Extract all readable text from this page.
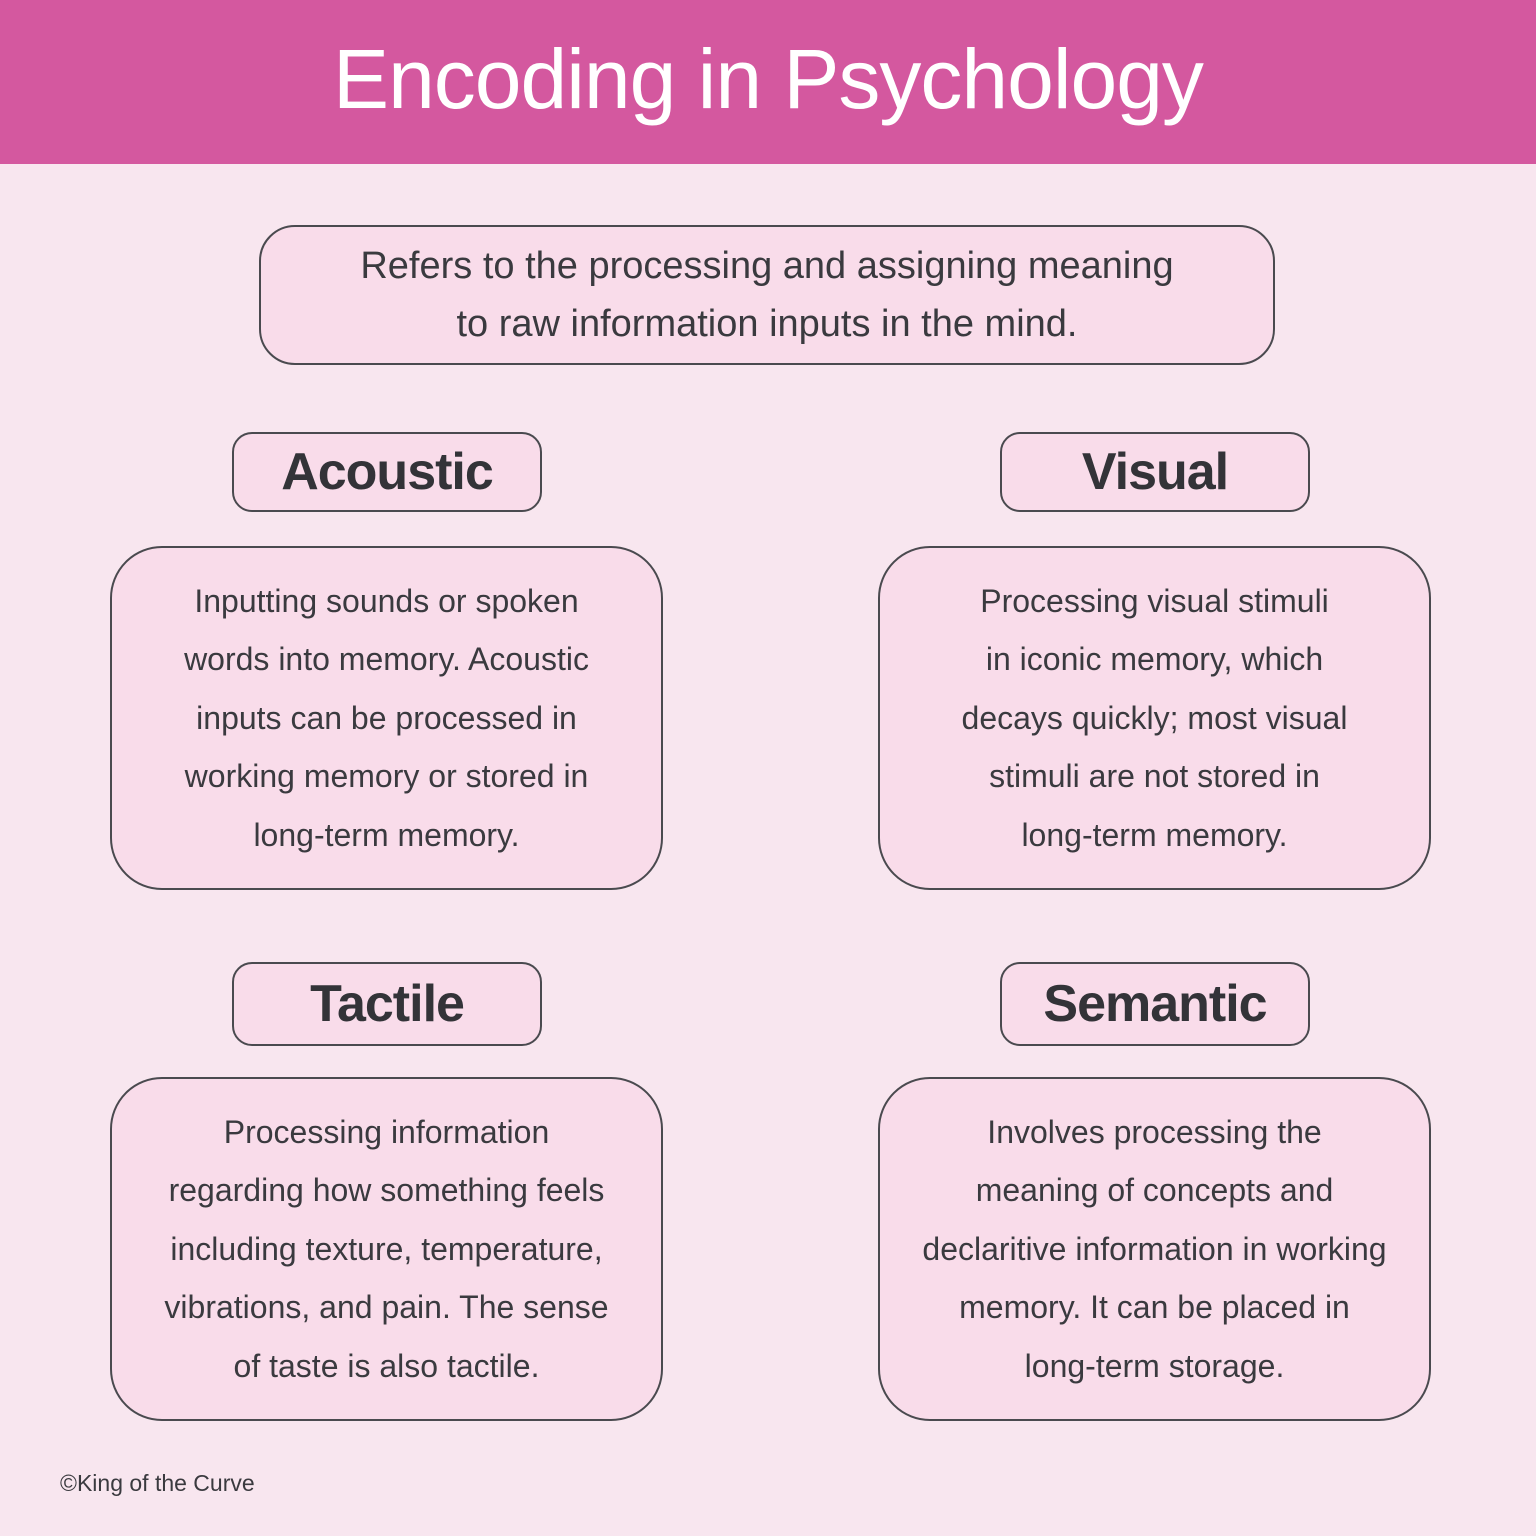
Encoding in Psychology
Refers to the processing and assigning meaning
to raw information inputs in the mind.
Acoustic
Inputting sounds or spoken
words into memory. Acoustic
inputs can be processed in
working memory or stored in
long-term memory.
Visual
Processing visual stimuli
in iconic memory, which
decays quickly; most visual
stimuli are not stored in
long-term memory.
Tactile
Processing information
regarding how something feels
including texture, temperature,
vibrations, and pain. The sense
of taste is also tactile.
Semantic
Involves processing the
meaning of concepts and
declaritive information in working
memory. It can be placed in
long-term storage.
©King of the Curve
